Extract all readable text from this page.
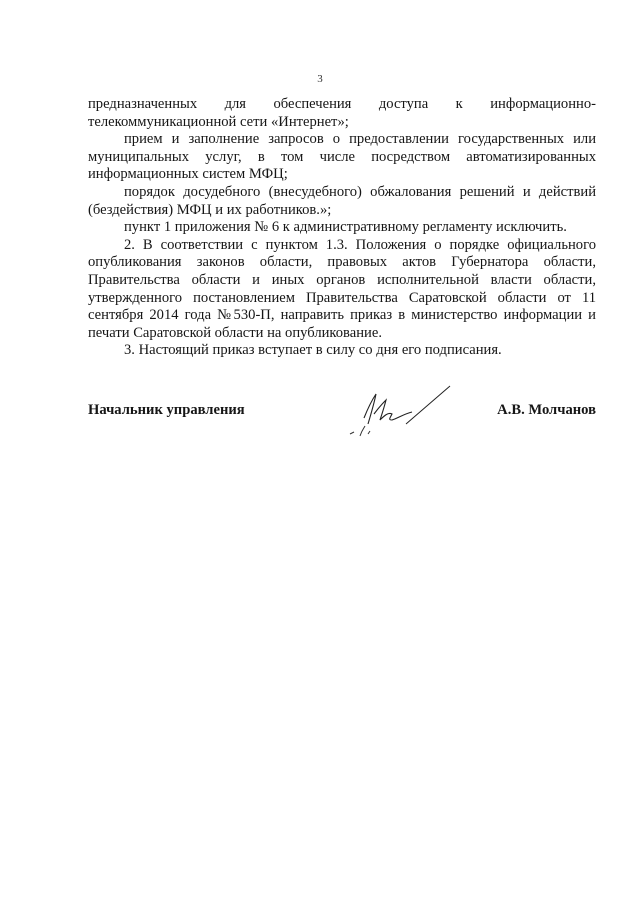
3

предназначенных для обеспечения доступа к информационно-телекоммуникационной сети «Интернет»;

прием и заполнение запросов о предоставлении государственных или муниципальных услуг, в том числе посредством автоматизированных информационных систем МФЦ;

порядок досудебного (внесудебного) обжалования решений и действий (бездействия) МФЦ и их работников.»;

пункт 1 приложения № 6 к административному регламенту исключить.

2. В соответствии с пунктом 1.3. Положения о порядке официального опубликования законов области, правовых актов Губернатора области, Правительства области и иных органов исполнительной власти области, утвержденного постановлением Правительства Саратовской области от 11 сентября 2014 года №530-П, направить приказ в министерство информации и печати Саратовской области на опубликование.

3. Настоящий приказ вступает в силу со дня его подписания.

Начальник управления	А.В. Молчанов
